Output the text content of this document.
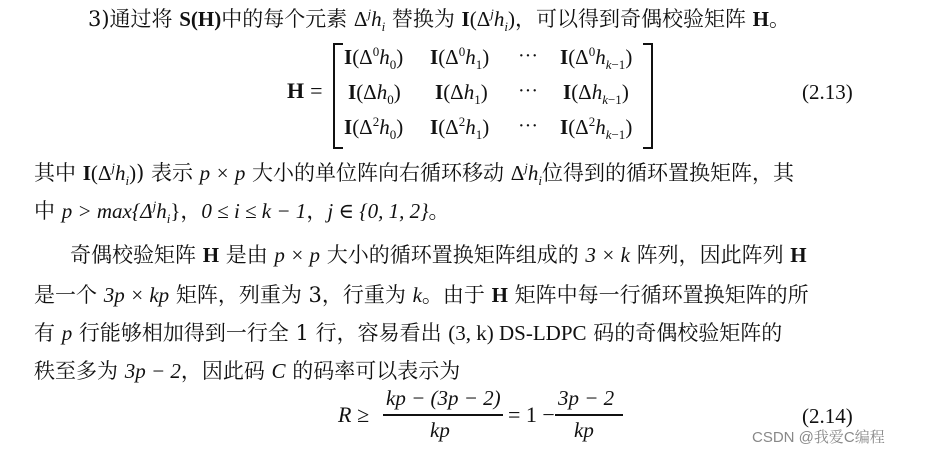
3)通过将 S(H)中的每个元素 $\Delta^jh_i$ 替换为 $I(\Delta^jh_i)$，可以得到奇偶校验矩阵 H。
H =
$I(\Delta^0h_0)$ $I(\Delta^0h_1)$ ··· $I(\Delta^0h_{k-1})$
$I(\Delta h_0)$ $I(\Delta h_1)$ ··· $I(\Delta h_{k-1})$
$I(\Delta^2h_0)$ $I(\Delta^2h_1)$ ··· $I(\Delta^2h_{k-1})$
(2.13)
其中 $I(\Delta^jh_i)$) 表示 p × p 大小的单位阵向右循环移动 $\Delta^jh_i$位得到的循环置换矩阵，其
中 $p > \max\{\Delta^jh_i\}$，0 ≤ i ≤ k − 1，j ∈ {0, 1, 2}。
奇偶校验矩阵 H 是由 p × p 大小的循环置换矩阵组成的 3 × k 阵列，因此阵列 H
是一个 3p × kp 矩阵，列重为 3，行重为 k。由于 H 矩阵中每一行循环置换矩阵的所
有 p 行能够相加得到一行全 1 行，容易看出 (3, k) DS-LDPC 码的奇偶校验矩阵的
秩至多为 3p − 2，因此码 C 的码率可以表示为
R ≥
kp − (3p − 2)
kp
= 1 −
3p − 2
kp
(2.14)
CSDN @我爱C编程
